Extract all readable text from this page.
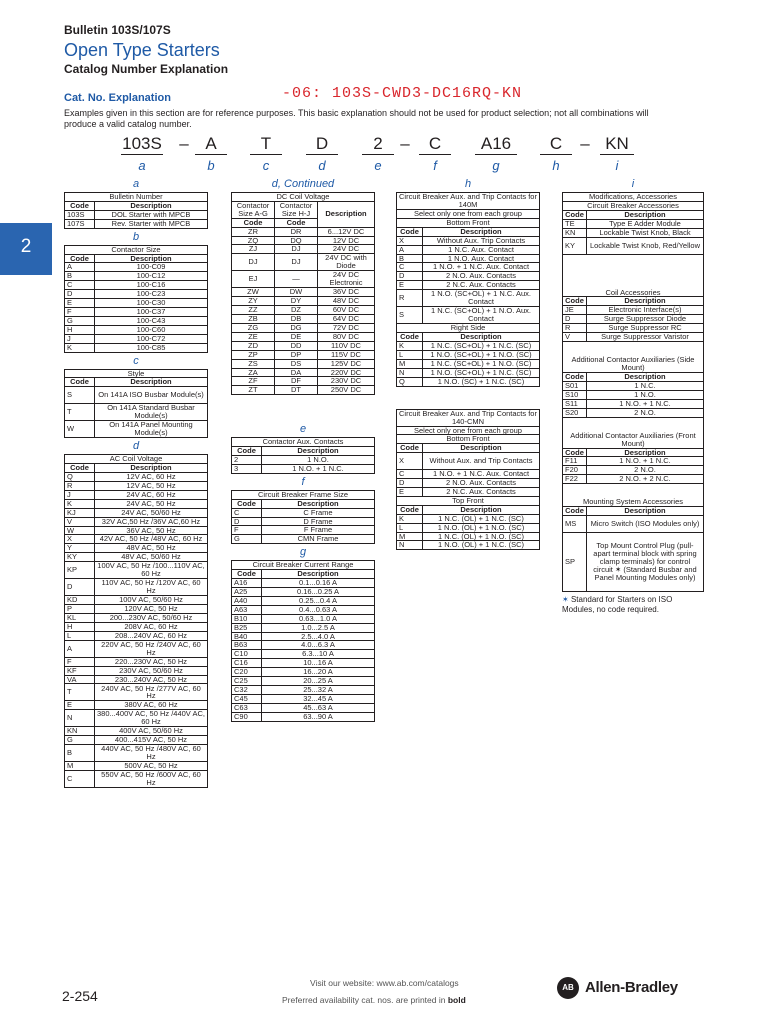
Bulletin 103S/107S
Open Type Starters
Catalog Number Explanation
2
Cat. No. Explanation	-06: 103S-CWD3-DC16RQ-KN
Examples given in this section are for reference purposes. This basic explanation should not be used for product selection; not all combinations will produce a valid catalog number.
103S – A	T	D	2 – C A16 C – KN
a	b	c	d	e	f	g	h	i
a
Bulletin Number	
Code	Description
103S	DOL Starter with MPCB
107S	Rev. Starter with MPCB
b
Contactor Size	
Code	Description
A	100-C09
B	100-C12
C	100-C16
D	100-C23
E	100-C30
F	100-C37
G	100-C43
H	100-C60
J	100-C72
K	100-C85
c
Style	
Code	Description
S	On 141A ISO Busbar Module(s)
T	On 141A Standard Busbar Module(s)
W	On 141A Panel Mounting Module(s)
d
AC Coil Voltage	
Code	Description
Q	12V AC, 60 Hz
R	12V AC, 50 Hz
J	24V AC, 60 Hz
K	24V AC, 50 Hz
KJ	24V AC, 50/60 Hz
V	32V AC,50 Hz /36V AC,60 Hz
W	36V AC, 50 Hz
X	42V AC, 50 Hz /48V AC, 60 Hz
Y	48V AC, 50 Hz
KY	48V AC, 50/60 Hz
KP	100V AC, 50 Hz /100...110V AC, 60 Hz
D	110V AC, 50 Hz /120V AC, 60 Hz
KD	100V AC, 50/60 Hz
P	120V AC, 50 Hz
KL	200...230V AC, 50/60 Hz
H	208V AC, 60 Hz
L	208...240V AC, 60 Hz
A	220V AC, 50 Hz /240V AC, 60 Hz
F	220...230V AC, 50 Hz
KF	230V AC, 50/60 Hz
VA	230...240V AC, 50 Hz
T	240V AC, 50 Hz /277V AC, 60 Hz
E	380V AC, 60 Hz
N	380...400V AC, 50 Hz /440V AC, 60 Hz
KN	400V AC, 50/60 Hz
G	400...415V AC, 50 Hz
B	440V AC, 50 Hz /480V AC, 60 Hz
M	500V AC, 50 Hz
C	550V AC, 50 Hz /600V AC, 60 Hz
d, Continued
DC Coil Voltage		
Contactor Size A-G	Contactor Size H-J	Description
Code	Code	
ZR	DR	6...12V DC
ZQ	DQ	12V DC
ZJ	DJ	24V DC
DJ	DJ	24V DC with Diode
EJ	—	24V DC Electronic
ZW	DW	36V DC
ZY	DY	48V DC
ZZ	DZ	60V DC
ZB	DB	64V DC
ZG	DG	72V DC
ZE	DE	80V DC
ZD	DD	110V DC
ZP	DP	115V DC
ZS	DS	125V DC
ZA	DA	220V DC
ZF	DF	230V DC
ZT	DT	250V DC
e
Contactor Aux. Contacts	
Code	Description
2	1 N.O.
3	1 N.O. + 1 N.C.
f
Circuit Breaker Frame Size	
Code	Description
C	C Frame
D	D Frame
F	F Frame
G	CMN Frame
g
Circuit Breaker Current Range	
Code	Description
A16	0.1...0.16 A
A25	0.16...0.25 A
A40	0.25...0.4 A
A63	0.4...0.63 A
B10	0.63...1.0 A
B25	1.0...2.5 A
B40	2.5...4.0 A
B63	4.0...6.3 A
C10	6.3...10 A
C16	10...16 A
C20	16...20 A
C25	20...25 A
C32	25...32 A
C45	32...45 A
C63	45...63 A
C90	63...90 A
h
Circuit Breaker Aux. and Trip Contacts for 140M	
Select only one from each group	
Bottom Front	
Code	Description
X	Without Aux. Trip Contacts
A	1 N.C. Aux. Contact
B	1 N.O. Aux. Contact
C	1 N.O. + 1 N.C. Aux. Contact
D	2 N.O. Aux. Contacts
E	2 N.C. Aux. Contacts
R	1 N.O. (SC+OL) + 1 N.C. Aux. Contact
S	1 N.C. (SC+OL) + 1 N.O. Aux. Contact
Right Side	
Code	Description
K	1 N.C. (SC+OL) + 1 N.C. (SC)
L	1 N.O. (SC+OL) + 1 N.O. (SC)
M	1 N.C. (SC+OL) + 1 N.O. (SC)
N	1 N.O. (SC+OL) + 1 N.C. (SC)
Q	1 N.O. (SC) + 1 N.C. (SC)
Circuit Breaker Aux. and Trip Contacts for 140-CMN	
Select only one from each group	
Bottom Front	
Code	Description
X	Without Aux. and Trip Contacts
C	1 N.O. + 1 N.C. Aux. Contact
D	2 N.O. Aux. Contacts
E	2 N.C. Aux. Contacts
Top Front	
Code	Description
K	1 N.C. (OL) + 1 N.C. (SC)
L	1 N.O. (OL) + 1 N.O. (SC)
M	1 N.C. (OL) + 1 N.O. (SC)
N	1 N.O. (OL) + 1 N.C. (SC)
i
Modifications, Accessories	
Circuit Breaker Accessories	
Code	Description
TE	Type E Adder Module
KN	Lockable Twist Knob, Black
KY	Lockable Twist Knob, Red/Yellow

Coil Accessories	
Code	Description
JE	Electronic Interface(s)
D	Surge Suppressor Diode
R	Surge Suppressor RC
V	Surge Suppressor Varistor

Additional Contactor Auxiliaries (Side Mount)	
Code	Description
S01	1 N.C.
S10	1 N.O.
S11	1 N.O. + 1 N.C.
S20	2 N.O.

Additional Contactor Auxiliaries (Front Mount)	
Code	Description
F11	1 N.O. + 1 N.C.
F20	2 N.O.
F22	2 N.O. + 2 N.C.

Mounting System Accessories	
Code	Description
MS	Micro Switch (ISO Modules only)
SP	Top Mount Control Plug (pull-apart terminal block with spring clamp terminals) for control circuit ✶ (Standard Busbar and Panel Mounting Modules only)
✶ Standard for Starters on ISO Modules, no code required.
Visit our website: www.ab.com/catalogs
Preferred availability cat. nos. are printed in bold
2-254
AB Allen-Bradley
